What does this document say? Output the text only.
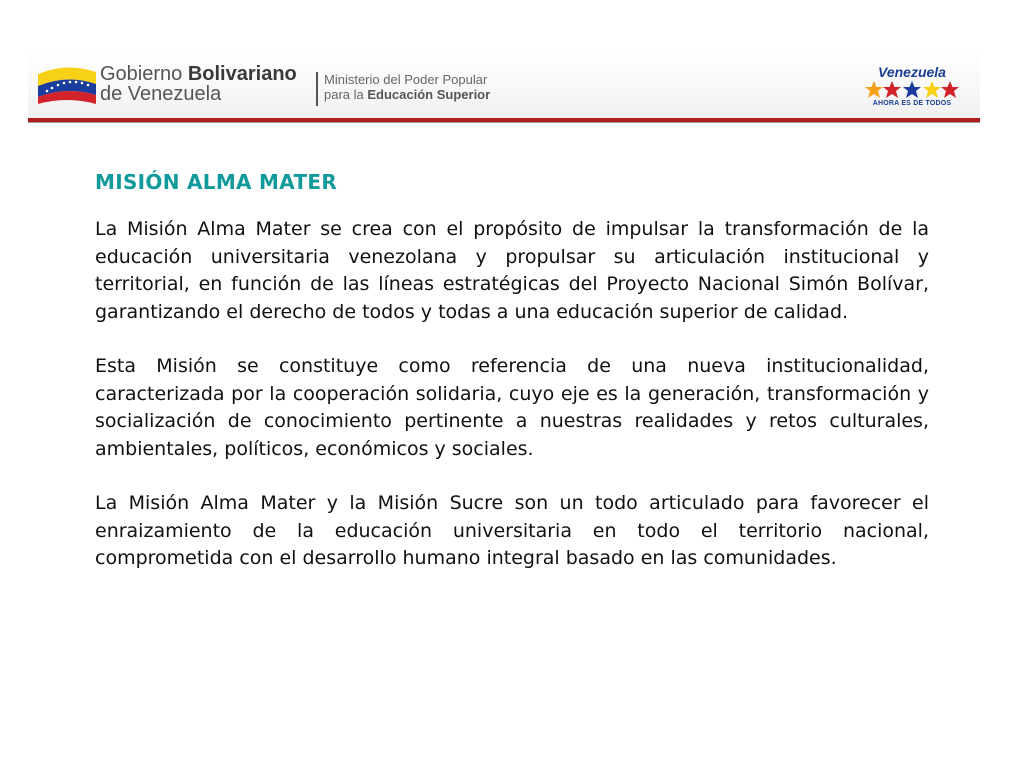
Gobierno Bolivariano
de Venezuela
Ministerio del Poder Popular
para la Educación Superior
Venezuela
AHORA ES DE TODOS
MISIÓN ALMA MATER

La Misión Alma Mater se crea con el propósito de impulsar la transformación de la educación universitaria venezolana y propulsar su articulación institucional y territorial, en función de las líneas estratégicas del Proyecto Nacional Simón Bolívar, garantizando el derecho de todos y todas a una educación superior de calidad.

Esta Misión se constituye como referencia de una nueva institucionalidad, caracterizada por la cooperación solidaria, cuyo eje es la generación, transformación y socialización de conocimiento pertinente a nuestras realidades y retos culturales, ambientales, políticos, económicos y sociales.

La Misión Alma Mater y la Misión Sucre son un todo articulado para favorecer el enraizamiento de la educación universitaria en todo el territorio nacional, comprometida con el desarrollo humano integral basado en las comunidades.
